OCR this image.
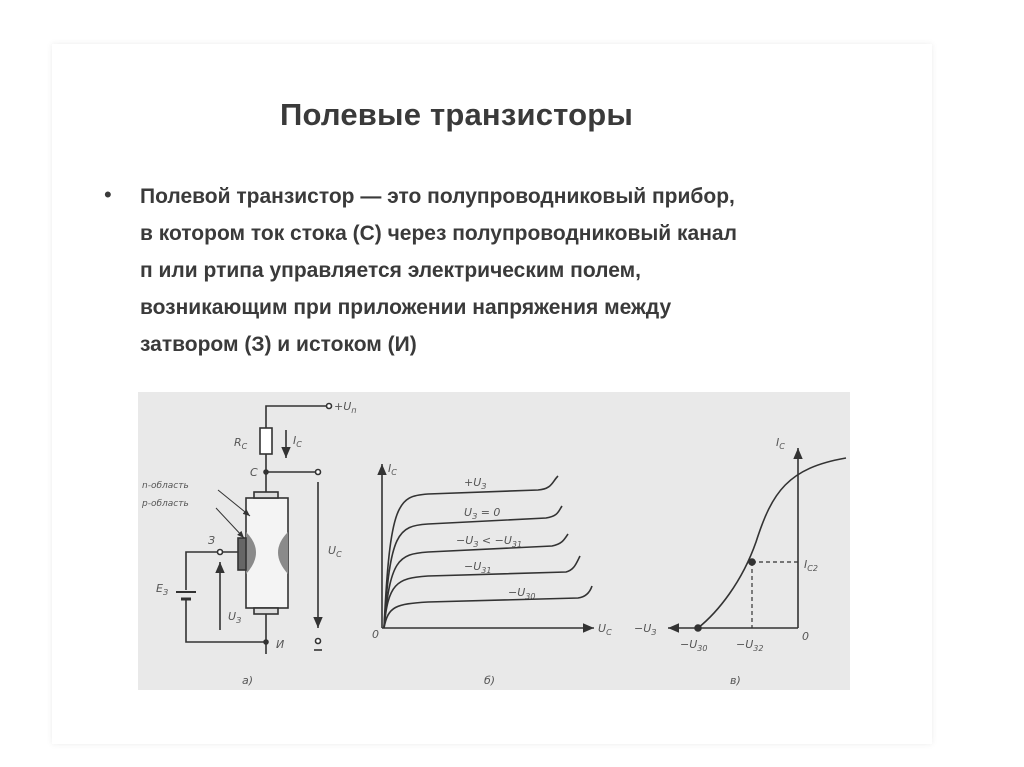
Полевые транзисторы
• Полевой транзистор — это полупроводниковый прибор,
в котором ток стока (С) через полупроводниковый канал
п или ртипа управляется электрическим полем,
возникающим при приложении напряжения между
затвором (З) и истоком (И)
$+U_п$
$R_C$	$I_C$
C
n-область
p-область
З
$E_З$
$U_З$
И
$U_C$
а)
$I_C$
$U_C$
0
$+U_З$
$U_З = 0$
$-U_З < -U_{31}$
$-U_{31}$
$-U_{30}$
б)
$I_C$
$-U_З$	0
$I_{C2}$
$-U_{30}$	$-U_{32}$
в)
